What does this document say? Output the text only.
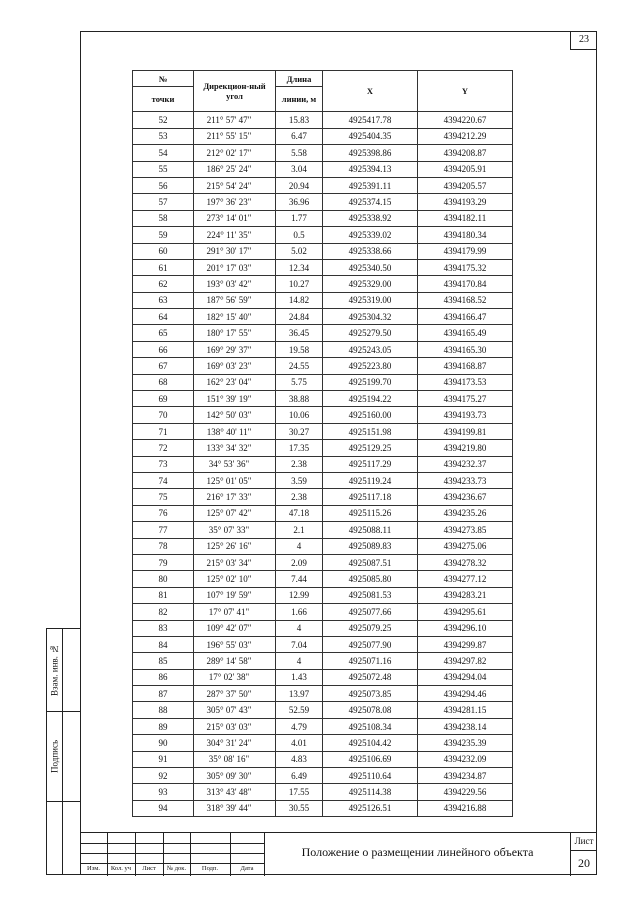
23
№	Дирекцион-ный угол	Длина	X	Y
точки		линии, м		
52	211° 57' 47"	15.83	4925417.78	4394220.67
53	211° 55' 15"	6.47	4925404.35	4394212.29
54	212° 02' 17"	5.58	4925398.86	4394208.87
55	186° 25' 24"	3.04	4925394.13	4394205.91
56	215° 54' 24"	20.94	4925391.11	4394205.57
57	197° 36' 23"	36.96	4925374.15	4394193.29
58	273° 14' 01"	1.77	4925338.92	4394182.11
59	224° 11' 35"	0.5	4925339.02	4394180.34
60	291° 30' 17"	5.02	4925338.66	4394179.99
61	201° 17' 03"	12.34	4925340.50	4394175.32
62	193° 03' 42"	10.27	4925329.00	4394170.84
63	187° 56' 59"	14.82	4925319.00	4394168.52
64	182° 15' 40"	24.84	4925304.32	4394166.47
65	180° 17' 55"	36.45	4925279.50	4394165.49
66	169° 29' 37"	19.58	4925243.05	4394165.30
67	169° 03' 23"	24.55	4925223.80	4394168.87
68	162° 23' 04"	5.75	4925199.70	4394173.53
69	151° 39' 19"	38.88	4925194.22	4394175.27
70	142° 50' 03"	10.06	4925160.00	4394193.73
71	138° 40' 11"	30.27	4925151.98	4394199.81
72	133° 34' 32"	17.35	4925129.25	4394219.80
73	34° 53' 36"	2.38	4925117.29	4394232.37
74	125° 01' 05"	3.59	4925119.24	4394233.73
75	216° 17' 33"	2.38	4925117.18	4394236.67
76	125° 07' 42"	47.18	4925115.26	4394235.26
77	35° 07' 33"	2.1	4925088.11	4394273.85
78	125° 26' 16"	4	4925089.83	4394275.06
79	215° 03' 34"	2.09	4925087.51	4394278.32
80	125° 02' 10"	7.44	4925085.80	4394277.12
81	107° 19' 59"	12.99	4925081.53	4394283.21
82	17° 07' 41"	1.66	4925077.66	4394295.61
83	109° 42' 07"	4	4925079.25	4394296.10
84	196° 55' 03"	7.04	4925077.90	4394299.87
85	289° 14' 58"	4	4925071.16	4394297.82
86	17° 02' 38"	1.43	4925072.48	4394294.04
87	287° 37' 50"	13.97	4925073.85	4394294.46
88	305° 07' 43"	52.59	4925078.08	4394281.15
89	215° 03' 03"	4.79	4925108.34	4394238.14
90	304° 31' 24"	4.01	4925104.42	4394235.39
91	35° 08' 16"	4.83	4925106.69	4394232.09
92	305° 09' 30"	6.49	4925110.64	4394234.87
93	313° 43' 48"	17.55	4925114.38	4394229.56
94	318° 39' 44"	30.55	4925126.51	4394216.88
Взам. инв. №
Подпись
Изм.	Кол. уч	Лист	№ док.	Подп.	Дата
Положение о размещении линейного объекта
Лист
20
